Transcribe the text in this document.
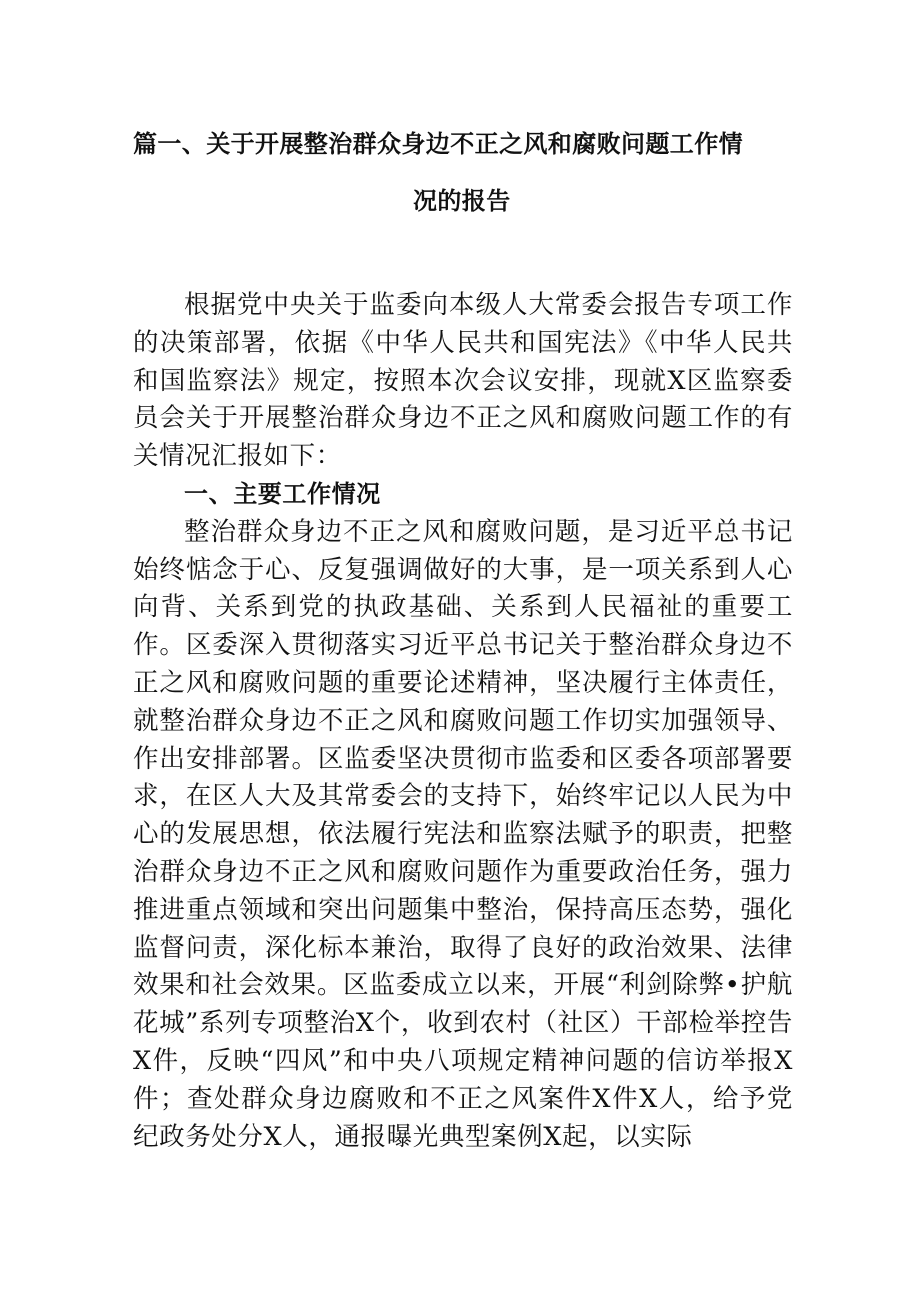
篇一、关于开展整治群众身边不正之风和腐败问题工作情
况的报告

根据党中央关于监委向本级人大常委会报告专项工作的决策部署，依据《中华人民共和国宪法》《中华人民共和国监察法》规定，按照本次会议安排，现就X区监察委员会关于开展整治群众身边不正之风和腐败问题工作的有关情况汇报如下：

一、主要工作情况

整治群众身边不正之风和腐败问题，是习近平总书记始终惦念于心、反复强调做好的大事，是一项关系到人心向背、关系到党的执政基础、关系到人民福祉的重要工作。区委深入贯彻落实习近平总书记关于整治群众身边不正之风和腐败问题的重要论述精神，坚决履行主体责任，就整治群众身边不正之风和腐败问题工作切实加强领导、作出安排部署。区监委坚决贯彻市监委和区委各项部署要求，在区人大及其常委会的支持下，始终牢记以人民为中心的发展思想，依法履行宪法和监察法赋予的职责，把整治群众身边不正之风和腐败问题作为重要政治任务，强力推进重点领域和突出问题集中整治，保持高压态势，强化监督问责，深化标本兼治，取得了良好的政治效果、法律效果和社会效果。区监委成立以来，开展“利剑除弊•护航花城”系列专项整治X个，收到农村（社区）干部检举控告X件，反映“四风”和中央八项规定精神问题的信访举报X件；查处群众身边腐败和不正之风案件X件X人，给予党纪政务处分X人，通报曝光典型案例X起，以实际
